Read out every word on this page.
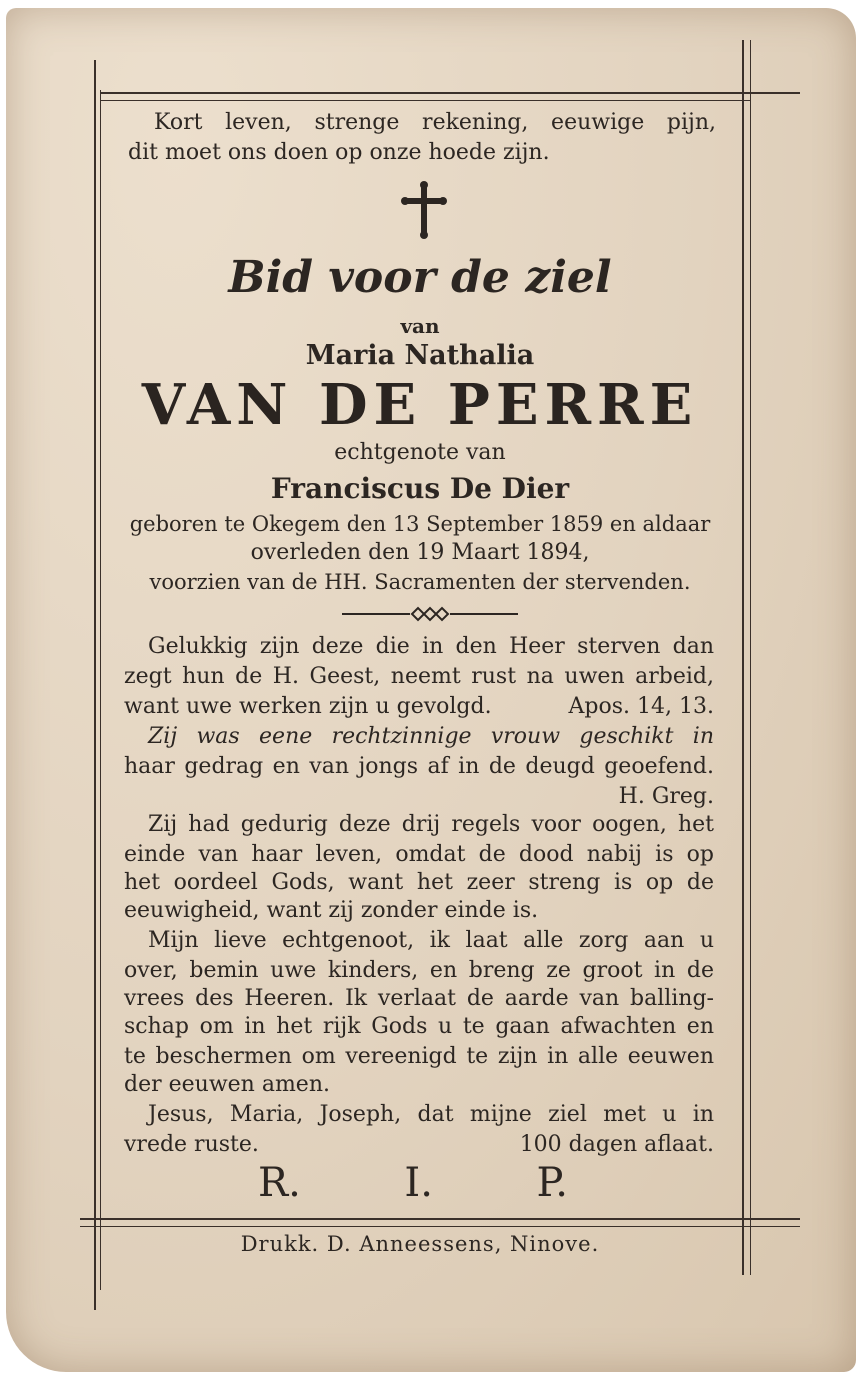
Kort leven, strenge rekening, eeuwige pijn,
dit moet ons doen op onze hoede zijn.
Bid voor de ziel
van
Maria Nathalia
VAN DE PERRE
echtgenote van
Franciscus De Dier
geboren te Okegem den 13 September 1859 en aldaar
overleden den 19 Maart 1894,
voorzien van de HH. Sacramenten der stervenden.
Gelukkig zijn deze die in den Heer sterven dan
zegt hun de H. Geest, neemt rust na uwen arbeid,
want uwe werken zijn u gevolgd.	Apos. 14, 13.
Zij was eene rechtzinnige vrouw geschikt in
haar gedrag en van jongs af in de deugd geoefend.
H. Greg.
Zij had gedurig deze drij regels voor oogen, het
einde van haar leven, omdat de dood nabij is op
het oordeel Gods, want het zeer streng is op de
eeuwigheid, want zij zonder einde is.
Mijn lieve echtgenoot, ik laat alle zorg aan u
over, bemin uwe kinders, en breng ze groot in de
vrees des Heeren. Ik verlaat de aarde van balling-
schap om in het rijk Gods u te gaan afwachten en
te beschermen om vereenigd te zijn in alle eeuwen
der eeuwen amen.
Jesus, Maria, Joseph, dat mijne ziel met u in
vrede ruste.	100 dagen aflaat.
R.	I.	P.
Drukk. D. Anneessens, Ninove.
